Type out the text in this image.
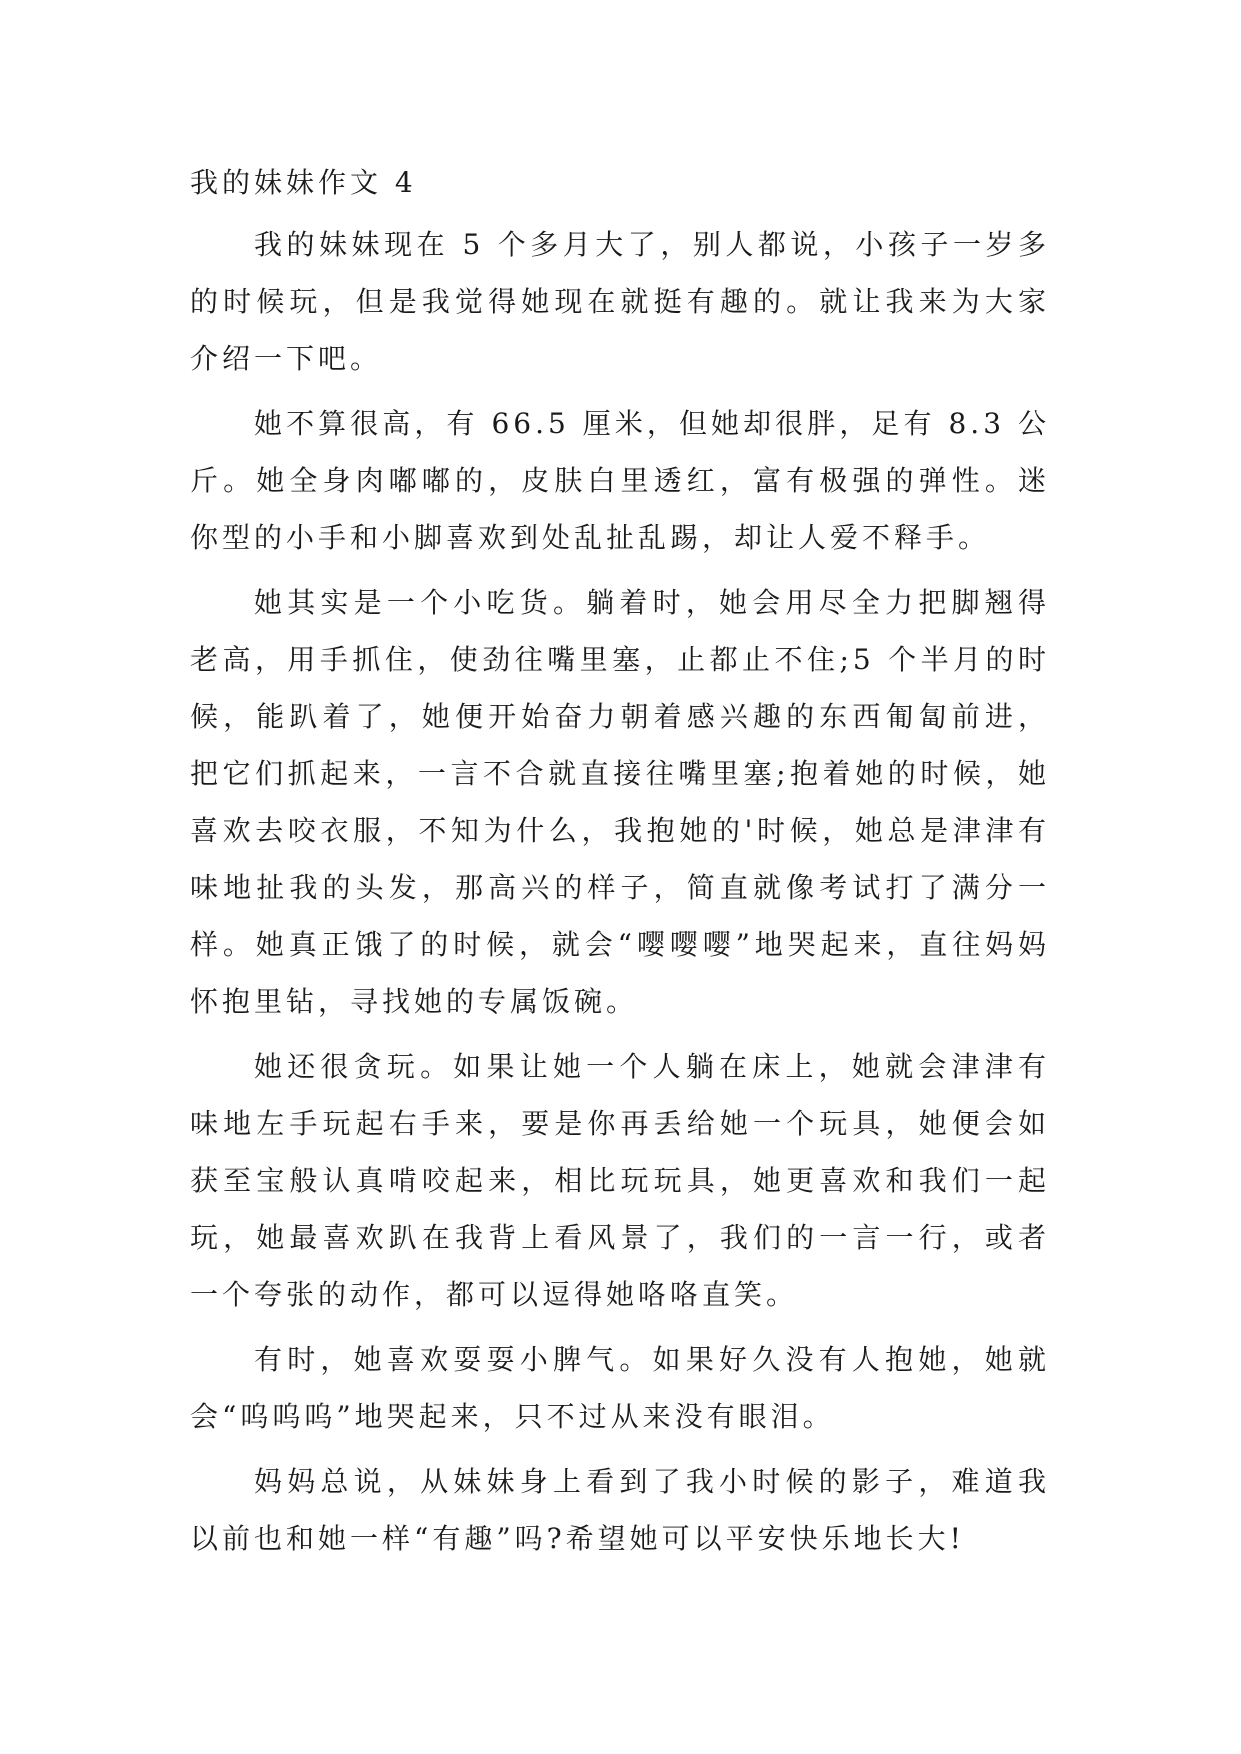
我的妹妹作文 4

我的妹妹现在 5 个多月大了，别人都说，小孩子一岁多的时候玩，但是我觉得她现在就挺有趣的。就让我来为大家介绍一下吧。

她不算很高，有 66.5 厘米，但她却很胖，足有 8.3 公斤。她全身肉嘟嘟的，皮肤白里透红，富有极强的弹性。迷你型的小手和小脚喜欢到处乱扯乱踢，却让人爱不释手。

她其实是一个小吃货。躺着时，她会用尽全力把脚翘得老高，用手抓住，使劲往嘴里塞，止都止不住;5 个半月的时候，能趴着了，她便开始奋力朝着感兴趣的东西匍匐前进，把它们抓起来，一言不合就直接往嘴里塞;抱着她的时候，她喜欢去咬衣服，不知为什么，我抱她的'时候，她总是津津有味地扯我的头发，那高兴的样子，简直就像考试打了满分一样。她真正饿了的时候，就会“嘤嘤嘤”地哭起来，直往妈妈怀抱里钻，寻找她的专属饭碗。

她还很贪玩。如果让她一个人躺在床上，她就会津津有味地左手玩起右手来，要是你再丢给她一个玩具，她便会如获至宝般认真啃咬起来，相比玩玩具，她更喜欢和我们一起玩，她最喜欢趴在我背上看风景了，我们的一言一行，或者一个夸张的动作，都可以逗得她咯咯直笑。

有时，她喜欢耍耍小脾气。如果好久没有人抱她，她就会“呜呜呜”地哭起来，只不过从来没有眼泪。

妈妈总说，从妹妹身上看到了我小时候的影子，难道我以前也和她一样“有趣”吗?希望她可以平安快乐地长大!
